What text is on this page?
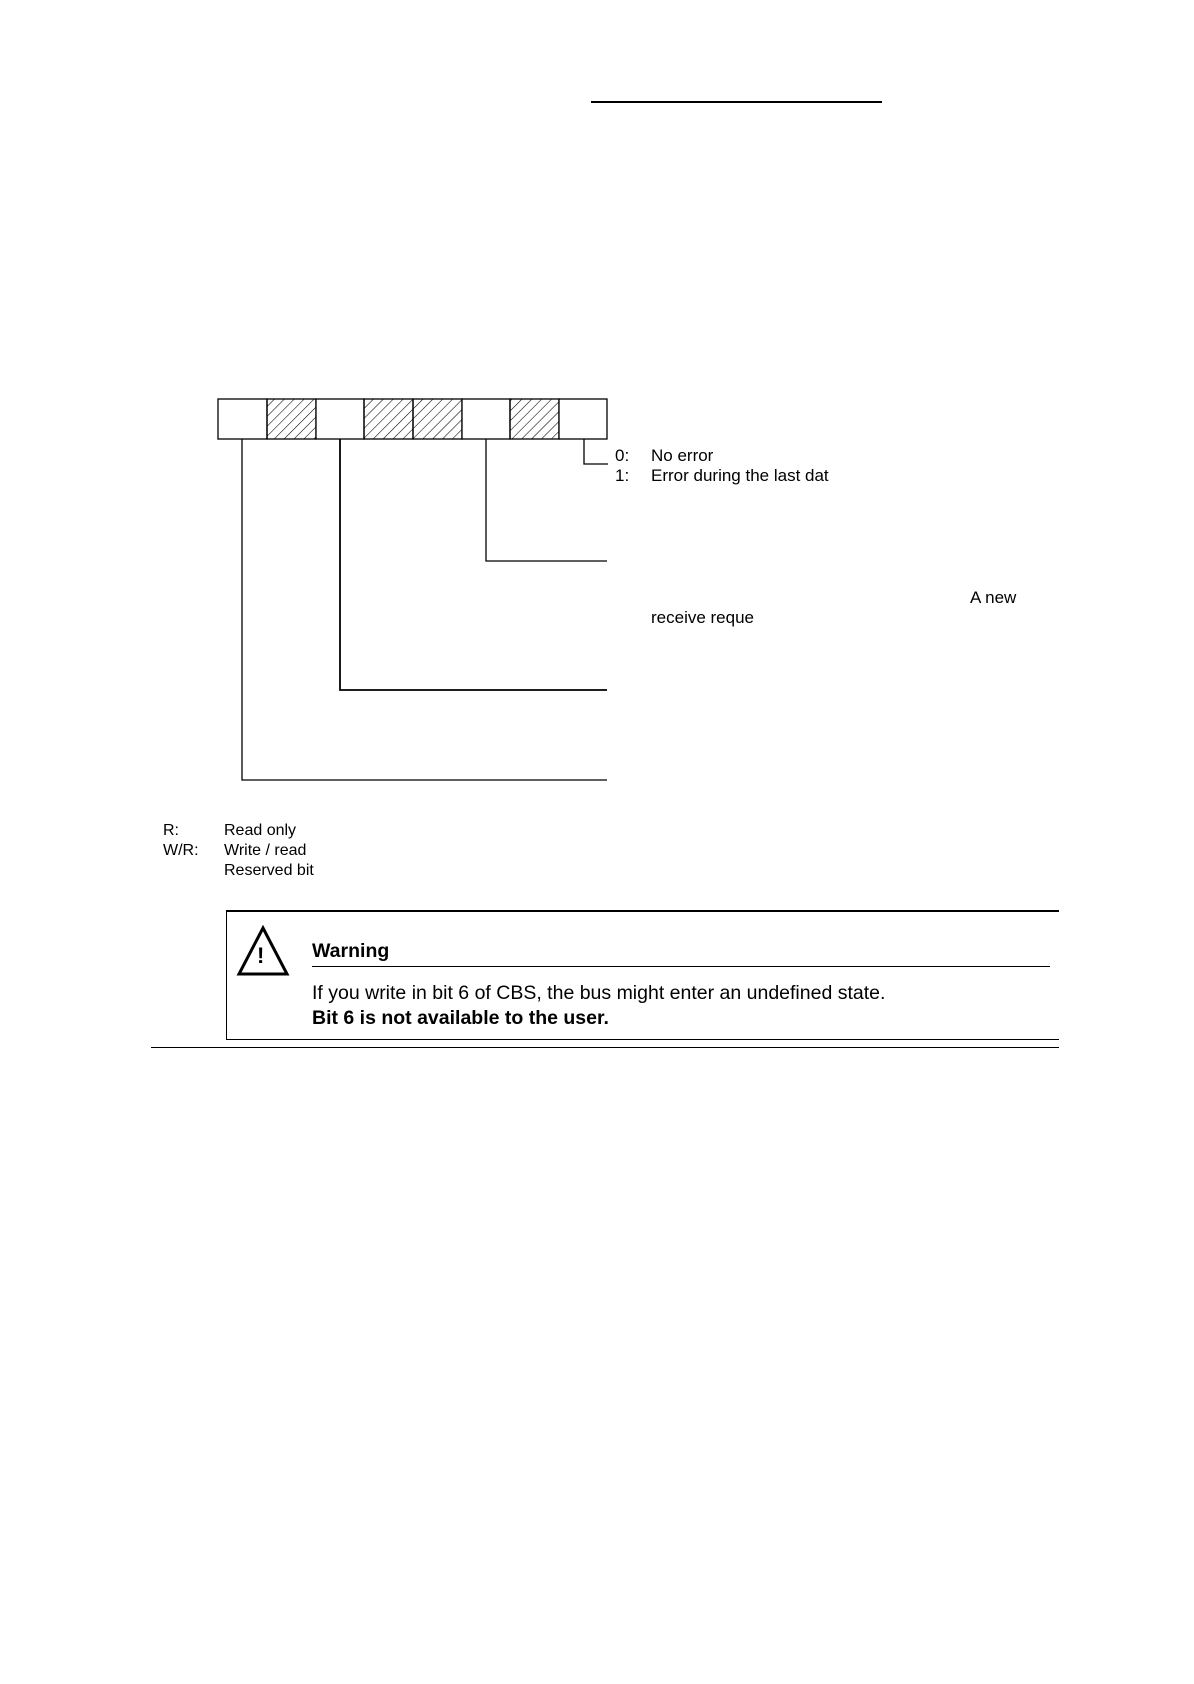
0: No error
1: Error during the last dat
A new
receive reque
R:	Read only
W/R: Write / read
Reserved bit
! Warning
If you write in bit 6 of CBS, the bus might enter an undefined state.
Bit 6 is not available to the user.
